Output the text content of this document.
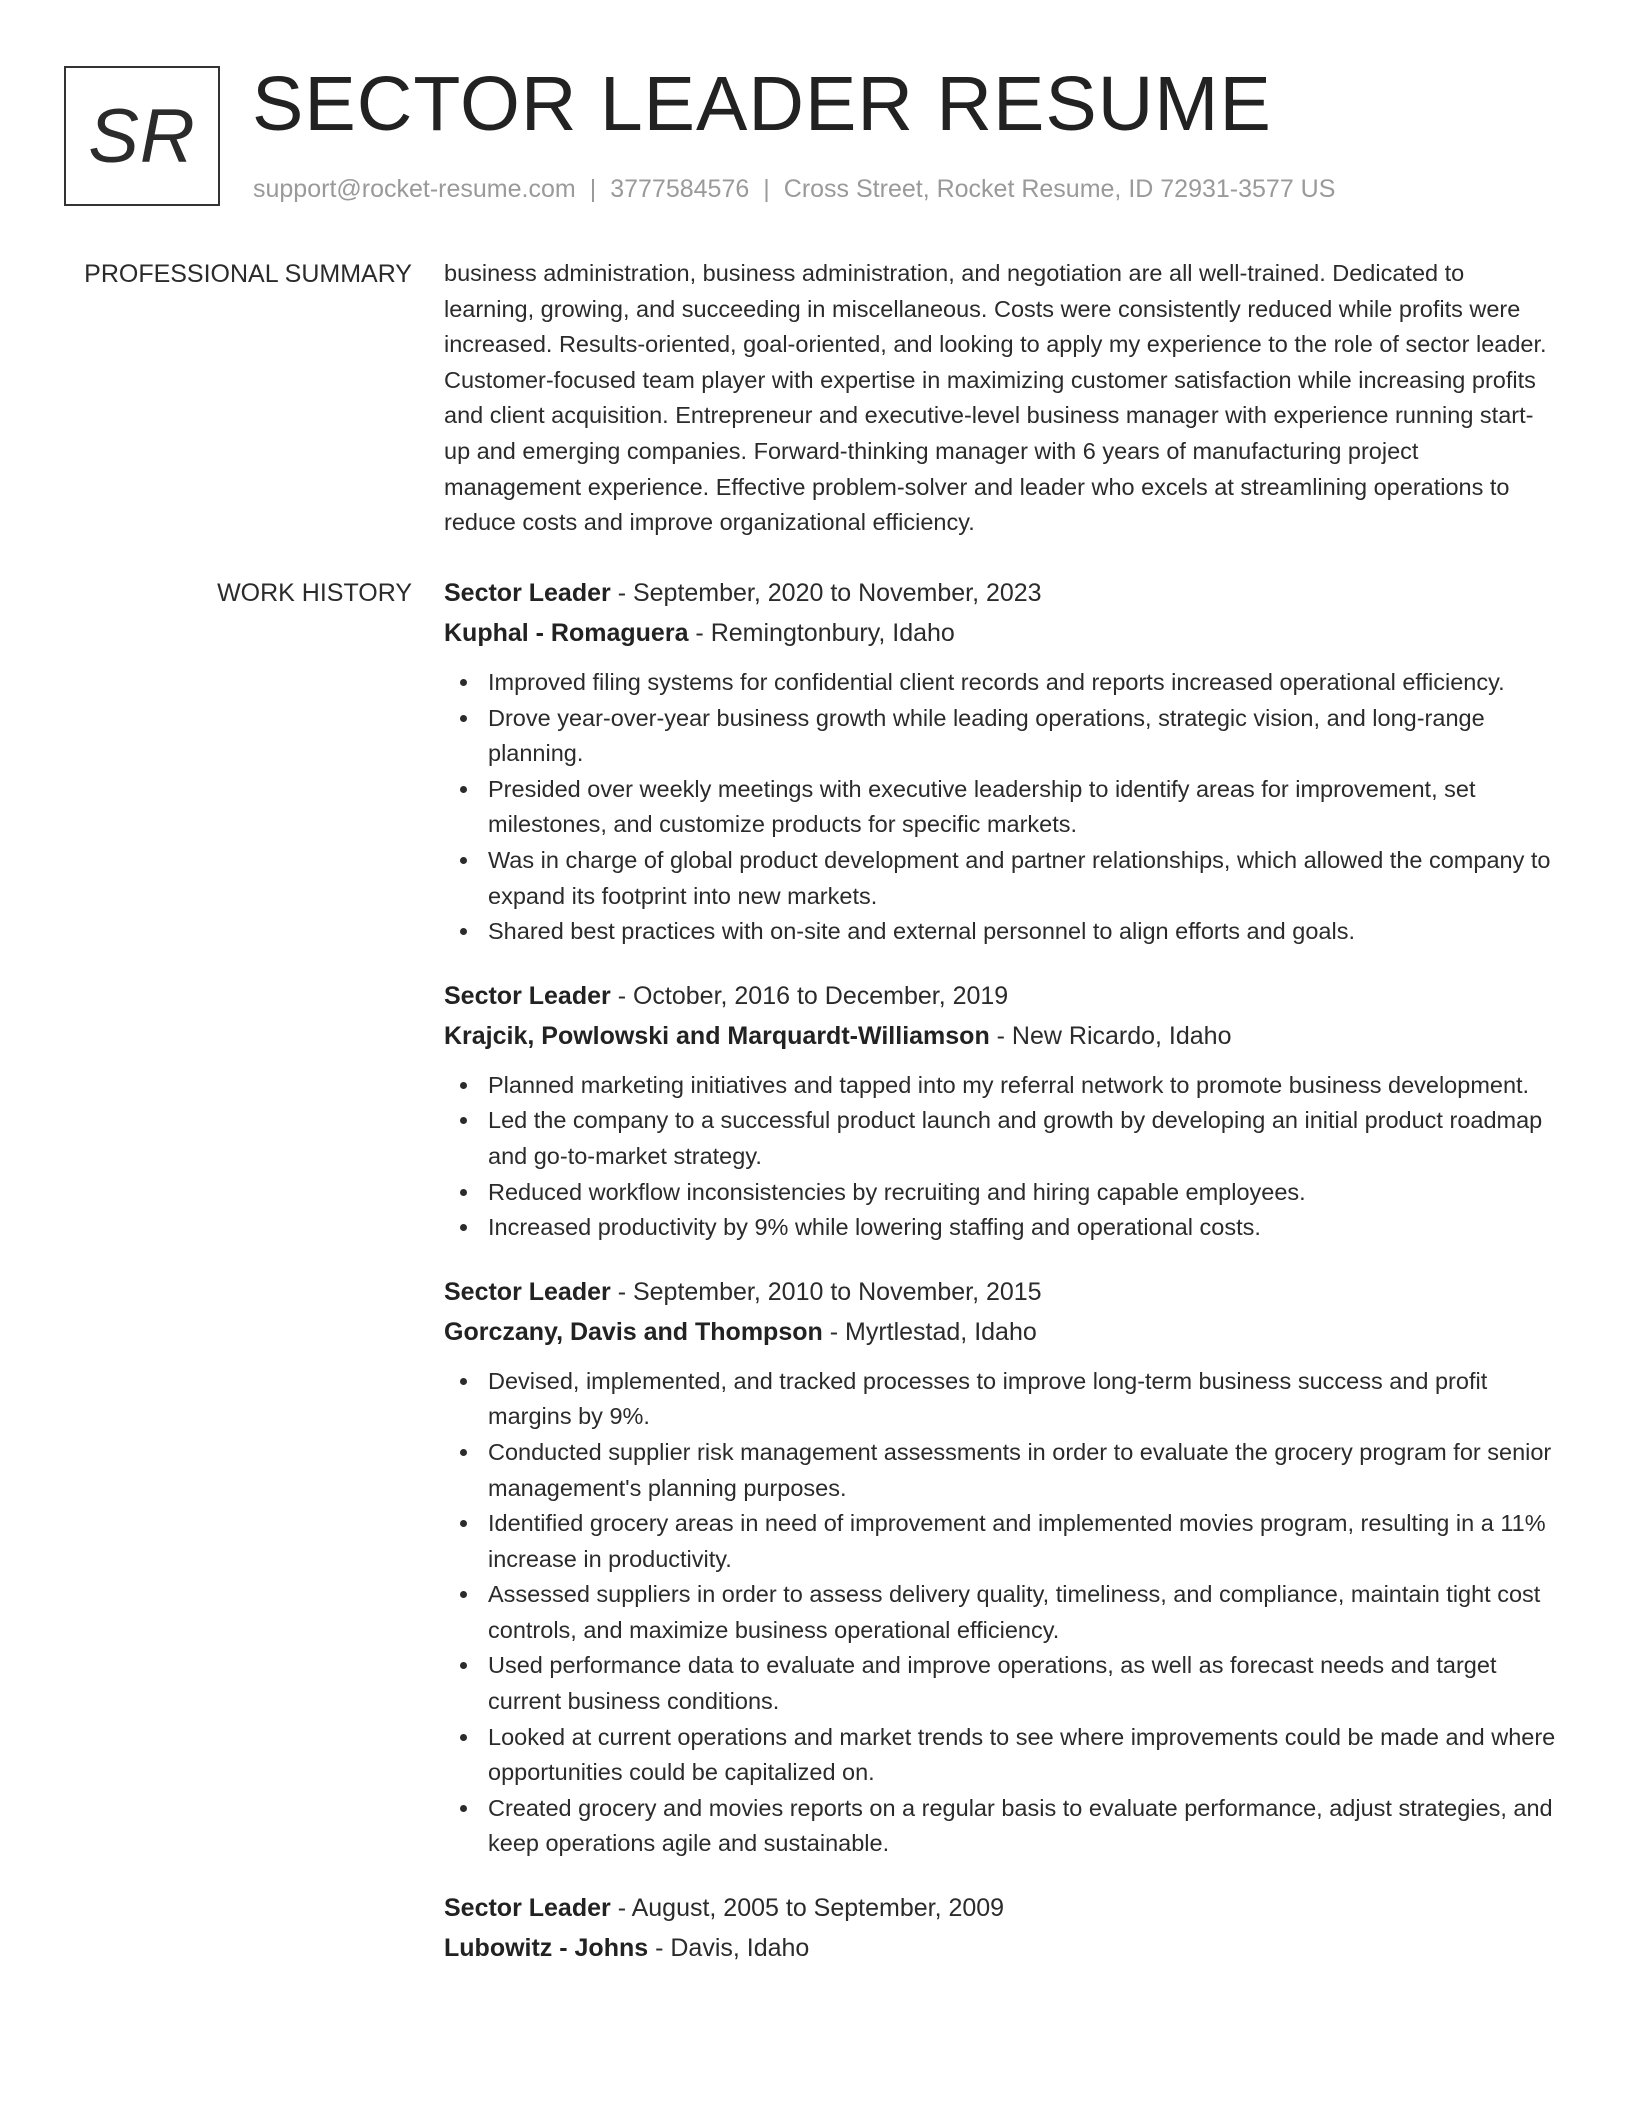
SR SECTOR LEADER RESUME
support@rocket-resume.com | 3777584576 | Cross Street, Rocket Resume, ID 72931-3577 US
PROFESSIONAL SUMMARY business administration, business administration, and negotiation are all well-trained. Dedicated to learning, growing, and succeeding in miscellaneous. Costs were consistently reduced while profits were increased. Results-oriented, goal-oriented, and looking to apply my experience to the role of sector leader. Customer-focused team player with expertise in maximizing customer satisfaction while increasing profits and client acquisition. Entrepreneur and executive-level business manager with experience running start-up and emerging companies. Forward-thinking manager with 6 years of manufacturing project management experience. Effective problem-solver and leader who excels at streamlining operations to reduce costs and improve organizational efficiency.

WORK HISTORY Sector Leader - September, 2020 to November, 2023
Kuphal - Romaguera - Remingtonbury, Idaho
Improved filing systems for confidential client records and reports increased operational efficiency.
Drove year-over-year business growth while leading operations, strategic vision, and long-range planning.
Presided over weekly meetings with executive leadership to identify areas for improvement, set milestones, and customize products for specific markets.
Was in charge of global product development and partner relationships, which allowed the company to expand its footprint into new markets.
Shared best practices with on-site and external personnel to align efforts and goals.
Sector Leader - October, 2016 to December, 2019
Krajcik, Powlowski and Marquardt-Williamson - New Ricardo, Idaho
Planned marketing initiatives and tapped into my referral network to promote business development.
Led the company to a successful product launch and growth by developing an initial product roadmap and go-to-market strategy.
Reduced workflow inconsistencies by recruiting and hiring capable employees.
Increased productivity by 9% while lowering staffing and operational costs.
Sector Leader - September, 2010 to November, 2015
Gorczany, Davis and Thompson - Myrtlestad, Idaho
Devised, implemented, and tracked processes to improve long-term business success and profit margins by 9%.
Conducted supplier risk management assessments in order to evaluate the grocery program for senior management's planning purposes.
Identified grocery areas in need of improvement and implemented movies program, resulting in a 11% increase in productivity.
Assessed suppliers in order to assess delivery quality, timeliness, and compliance, maintain tight cost controls, and maximize business operational efficiency.
Used performance data to evaluate and improve operations, as well as forecast needs and target current business conditions.
Looked at current operations and market trends to see where improvements could be made and where opportunities could be capitalized on.
Created grocery and movies reports on a regular basis to evaluate performance, adjust strategies, and keep operations agile and sustainable.
Sector Leader - August, 2005 to September, 2009
Lubowitz - Johns - Davis, Idaho
